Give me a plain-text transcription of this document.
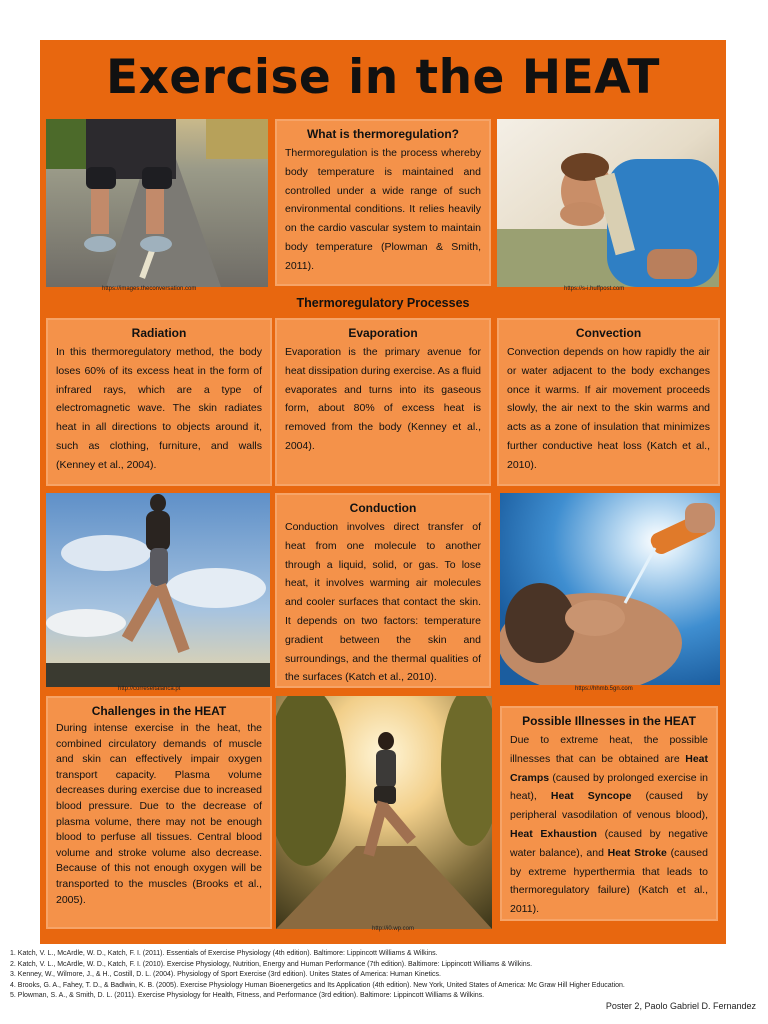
Exercise in the HEAT
https://images.theconversation.com
What is thermoregulation?

Thermoregulation is the process whereby body temperature is maintained and controlled under a wide range of such environmental conditions. It relies heavily on the cardio vascular system to maintain body temperature (Plowman & Smith, 2011).

https://s-i.huffpost.com
Thermoregulatory Processes
Radiation

In this thermoregulatory method, the body loses 60% of its excess heat in the form of infrared rays, which are a type of electromagnetic wave. The skin radiates heat in all directions to objects around it, such as clothing, furniture, and walls (Kenney et al., 2004).

Evaporation

Evaporation is the primary avenue for heat dissipation during exercise. As a fluid evaporates and turns into its gaseous form, about 80% of excess heat is removed from the body (Kenney et al., 2004).

Convection

Convection depends on how rapidly the air or water adjacent to the body exchanges once it warms. If air movement proceeds slowly, the air next to the skin warms and acts as a zone of insulation that minimizes further conductive heat loss (Katch et al., 2010).

http://correseitalanca.pt
Conduction

Conduction involves direct transfer of heat from one molecule to another through a liquid, solid, or gas. To lose heat, it involves warming air molecules and cooler surfaces that contact the skin. It depends on two factors: temperature gradient between the skin and surroundings, and the thermal qualities of the surfaces (Katch et al., 2010).

https://hhmb.5gn.com
Challenges in the HEAT

During intense exercise in the heat, the combined circulatory demands of muscle and skin can effectively impair oxygen transport capacity. Plasma volume decreases during exercise due to increased blood pressure. Due to the decrease of plasma volume, there may not be enough blood to perfuse all tissues. Central blood volume and stroke volume also decrease. Because of this not enough oxygen will be transported to the muscles (Brooks et al., 2005).

http://i0.wp.com
Possible Illnesses in the HEAT

Due to extreme heat, the possible illnesses that can be obtained are Heat Cramps (caused by prolonged exercise in heat), Heat Syncope (caused by peripheral vasodilation of venous blood), Heat Exhaustion (caused by negative water balance), and Heat Stroke (caused by extreme hyperthermia that leads to thermoregulatory failure) (Katch et al., 2011).

1. Katch, V. L., McArdle, W. D., Katch, F. I. (2011). Essentials of Exercise Physiology (4th edition). Baltimore: Lippincott Williams & Wilkins.
2. Katch, V. L., McArdle, W. D., Katch, F. I. (2010). Exercise Physiology, Nutrition, Energy and Human Performance (7th edition). Baltimore: Lippincott Williams & Wilkins.
3. Kenney, W., Wilmore, J., & H., Costill, D. L. (2004). Physiology of Sport Exercise (3rd edition). Unites States of America: Human Kinetics.
4. Brooks, G. A., Fahey, T. D., & Badlwin, K. B. (2005). Exercise Physiology Human Bioenergetics and Its Application (4th edition). New York, United States of America: Mc Graw Hill Higher Education.
5. Plowman, S. A., & Smith, D. L. (2011). Exercise Physiology for Health, Fitness, and Performance (3rd edition). Baltimore: Lippincott Williams & Wilkins.
Poster 2, Paolo Gabriel D. Fernandez
